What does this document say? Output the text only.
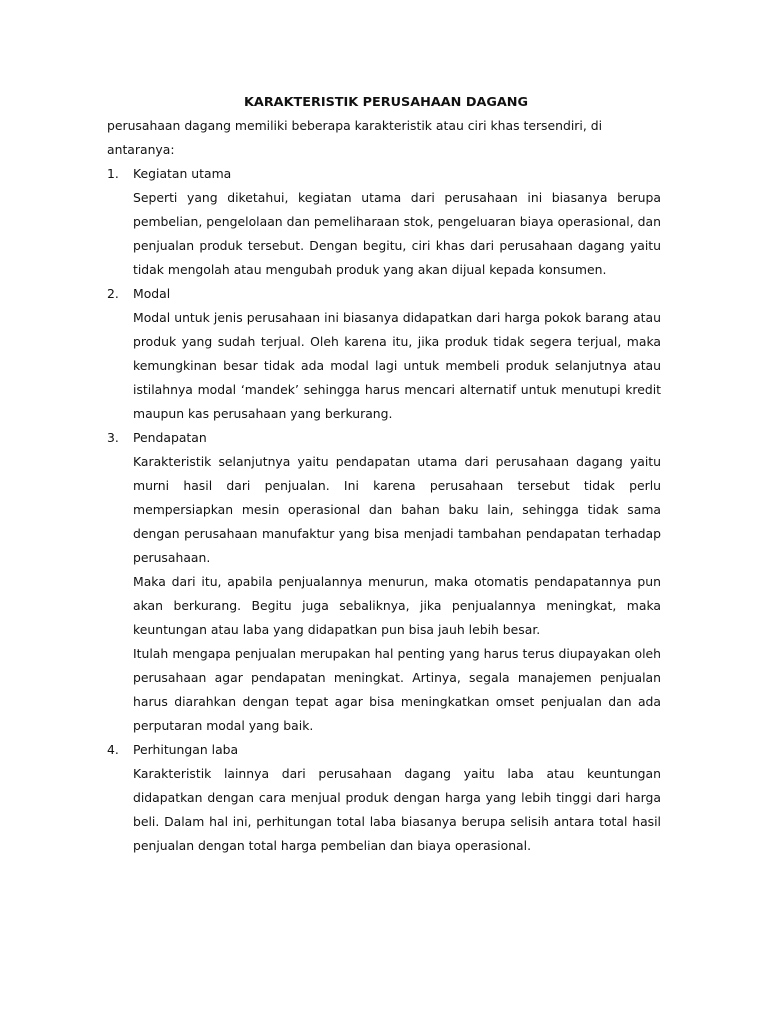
KARAKTERISTIK PERUSAHAAN DAGANG

perusahaan dagang memiliki beberapa karakteristik atau ciri khas tersendiri, di antaranya:

1.	Kegiatan utama

Seperti yang diketahui, kegiatan utama dari perusahaan ini biasanya berupa pembelian, pengelolaan dan pemeliharaan stok, pengeluaran biaya operasional, dan penjualan produk tersebut. Dengan begitu, ciri khas dari perusahaan dagang yaitu tidak mengolah atau mengubah produk yang akan dijual kepada konsumen.

2.	Modal

Modal untuk jenis perusahaan ini biasanya didapatkan dari harga pokok barang atau produk yang sudah terjual. Oleh karena itu, jika produk tidak segera terjual, maka kemungkinan besar tidak ada modal lagi untuk membeli produk selanjutnya atau istilahnya modal ‘mandek’ sehingga harus mencari alternatif untuk menutupi kredit maupun kas perusahaan yang berkurang.

3.	Pendapatan

Karakteristik selanjutnya yaitu pendapatan utama dari perusahaan dagang yaitu murni hasil dari penjualan. Ini karena perusahaan tersebut tidak perlu mempersiapkan mesin operasional dan bahan baku lain, sehingga tidak sama dengan perusahaan manufaktur yang bisa menjadi tambahan pendapatan terhadap perusahaan.

Maka dari itu, apabila penjualannya menurun, maka otomatis pendapatannya pun akan berkurang. Begitu juga sebaliknya, jika penjualannya meningkat, maka keuntungan atau laba yang didapatkan pun bisa jauh lebih besar.

Itulah mengapa penjualan merupakan hal penting yang harus terus diupayakan oleh perusahaan agar pendapatan meningkat. Artinya, segala manajemen penjualan harus diarahkan dengan tepat agar bisa meningkatkan omset penjualan dan ada perputaran modal yang baik.

4.	Perhitungan laba

Karakteristik lainnya dari perusahaan dagang yaitu laba atau keuntungan didapatkan dengan cara menjual produk dengan harga yang lebih tinggi dari harga beli. Dalam hal ini, perhitungan total laba biasanya berupa selisih antara total hasil penjualan dengan total harga pembelian dan biaya operasional.
